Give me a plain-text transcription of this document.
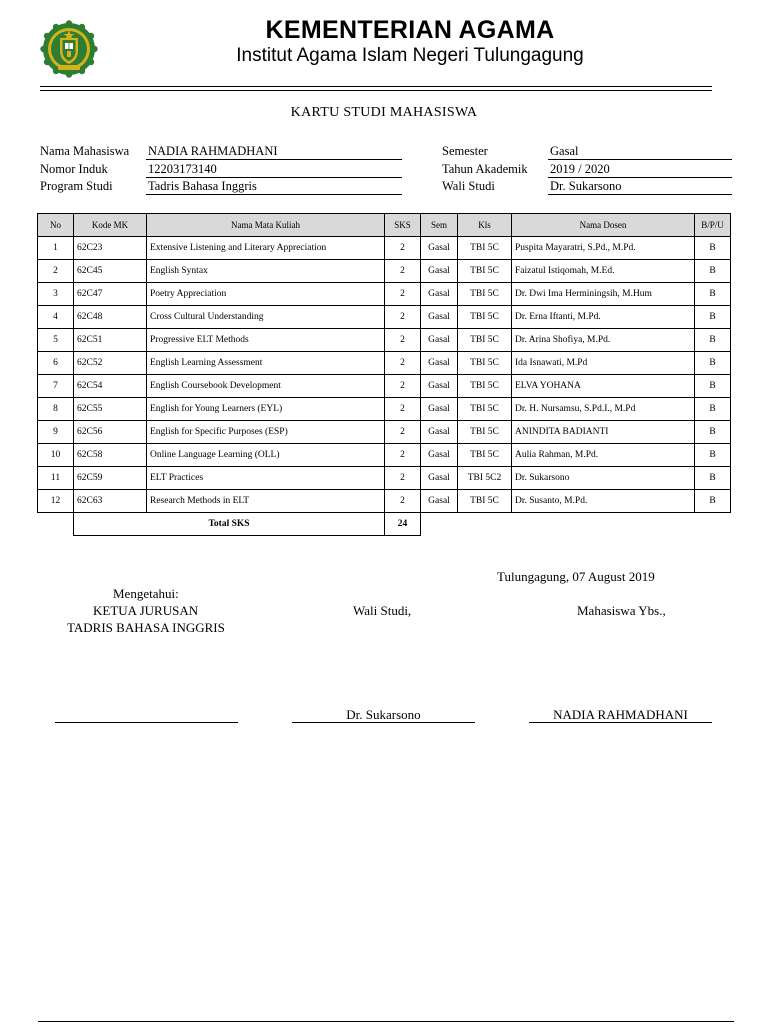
KEMENTERIAN AGAMA
Institut Agama Islam Negeri Tulungagung
KARTU STUDI MAHASISWA
Nama Mahasiswa NADIA RAHMADHANI
Nomor Induk	12203173140
Program Studi	Tadris Bahasa Inggris
Semester	Gasal
Tahun Akademik 2019 / 2020
Wali Studi	Dr. Sukarsono
No	Kode MK	Nama Mata Kuliah	SKS	Sem	Kls	Nama Dosen	B/P/U
1	62C23	Extensive Listening and Literary Appreciation	2	Gasal	TBI 5C	Puspita Mayaratri, S.Pd., M.Pd.	B
2	62C45	English Syntax	2	Gasal	TBI 5C	Faizatul Istiqomah, M.Ed.	B
3	62C47	Poetry Appreciation	2	Gasal	TBI 5C	Dr. Dwi Ima Herminingsih, M.Hum	B
4	62C48	Cross Cultural Understanding	2	Gasal	TBI 5C	Dr. Erna Iftanti, M.Pd.	B
5	62C51	Progressive ELT Methods	2	Gasal	TBI 5C	Dr. Arina Shofiya, M.Pd.	B
6	62C52	English Learning Assessment	2	Gasal	TBI 5C	Ida Isnawati, M.Pd	B
7	62C54	English Coursebook Development	2	Gasal	TBI 5C	ELVA YOHANA	B
8	62C55	English for Young Learners (EYL)	2	Gasal	TBI 5C	Dr. H. Nursamsu, S.Pd.I., M.Pd	B
9	62C56	English for Specific Purposes (ESP)	2	Gasal	TBI 5C	ANINDITA BADIANTI	B
10	62C58	Online Language Learning (OLL)	2	Gasal	TBI 5C	Aulia Rahman, M.Pd.	B
11	62C59	ELT Practices	2	Gasal	TBI 5C2	Dr. Sukarsono	B
12	62C63	Research Methods in ELT	2	Gasal	TBI 5C	Dr. Susanto, M.Pd.	B
	Total SKS		24				
Tulungagung, 07 August 2019
Mengetahui:
KETUA JURUSAN
TADRIS BAHASA INGGRIS
Wali Studi,	Mahasiswa Ybs.,
Dr. Sukarsono	NADIA RAHMADHANI
